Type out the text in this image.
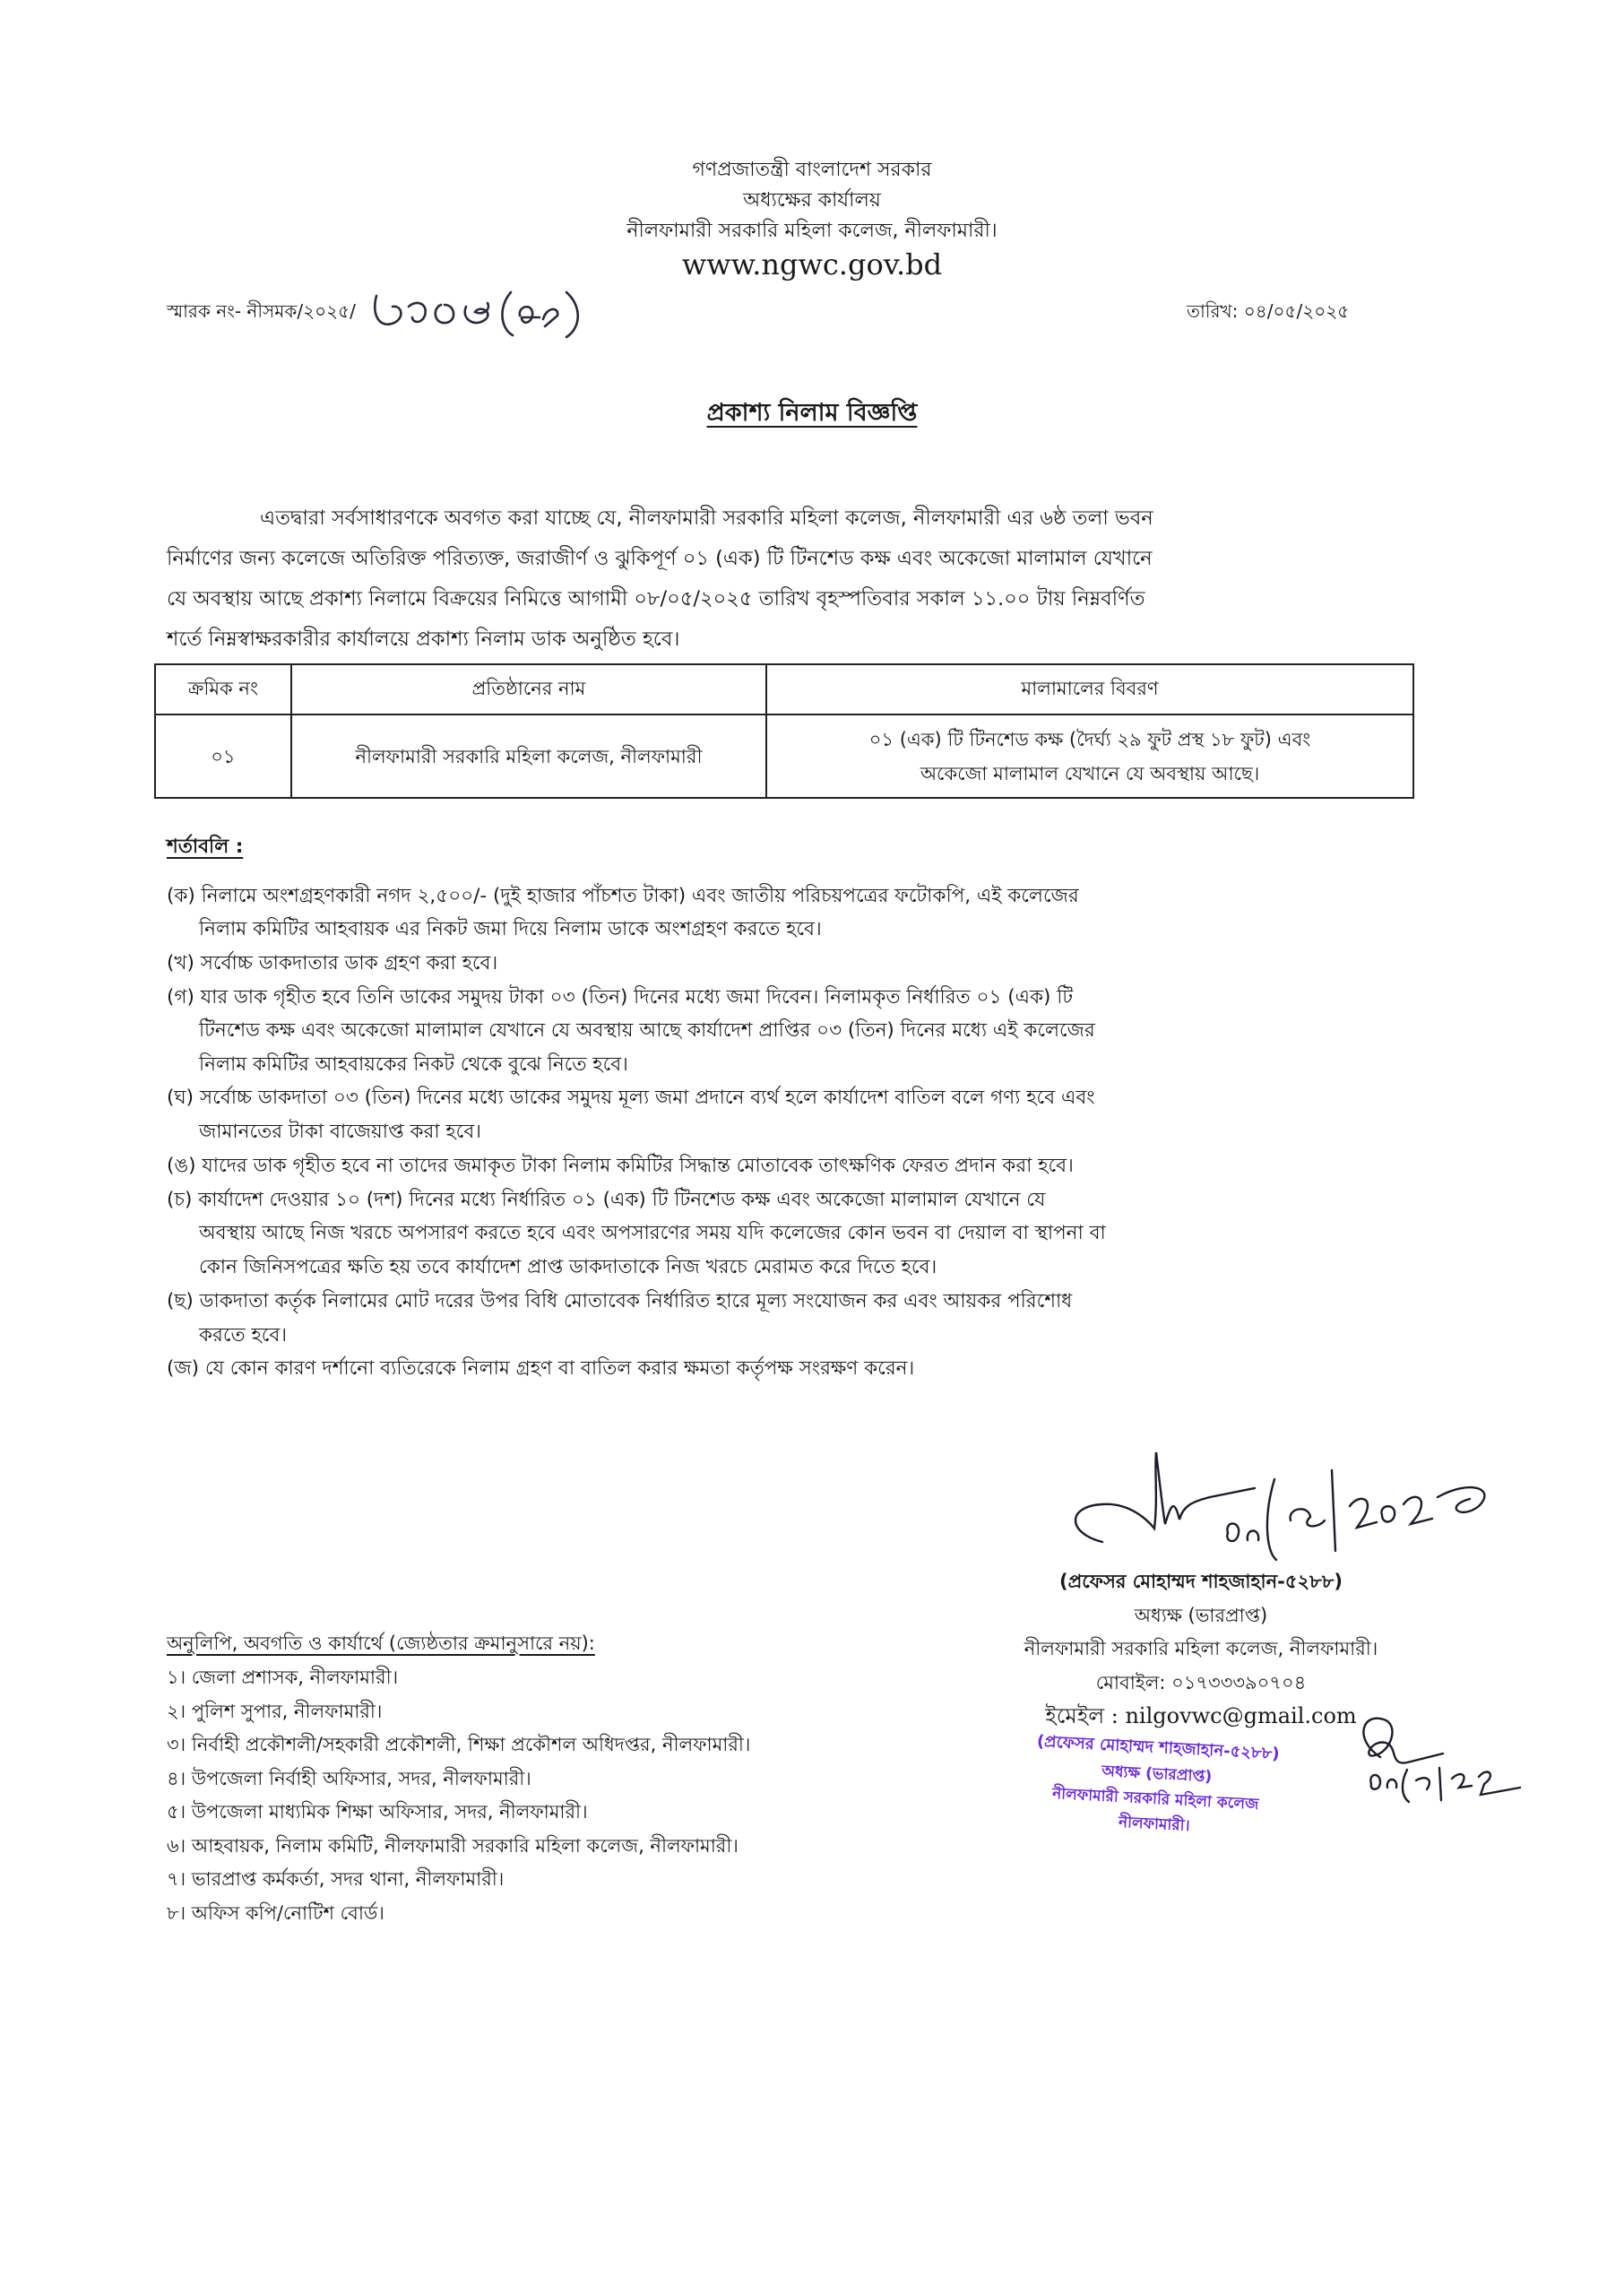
গণপ্রজাতন্ত্রী বাংলাদেশ সরকার
অধ্যক্ষের কার্যালয়
নীলফামারী সরকারি মহিলা কলেজ, নীলফামারী।
www.ngwc.gov.bd
স্মারক নং- নীসমক/২০২৫/	তারিখ: ০৪/০৫/২০২৫
প্রকাশ্য নিলাম বিজ্ঞপ্তি
এতদ্বারা সর্বসাধারণকে অবগত করা যাচ্ছে যে, নীলফামারী সরকারি মহিলা কলেজ, নীলফামারী এর ৬ষ্ঠ তলা ভবন
নির্মাণের জন্য কলেজে অতিরিক্ত পরিত্যক্ত, জরাজীর্ণ ও ঝুকিপূর্ণ ০১ (এক) টি টিনশেড কক্ষ এবং অকেজো মালামাল যেখানে
যে অবস্থায় আছে প্রকাশ্য নিলামে বিক্রয়ের নিমিত্তে আগামী ০৮/০৫/২০২৫ তারিখ বৃহস্পতিবার সকাল ১১.০০ টায় নিম্নবর্ণিত
শর্তে নিম্নস্বাক্ষরকারীর কার্যালয়ে প্রকাশ্য নিলাম ডাক অনুষ্ঠিত হবে।
ক্রমিক নং	প্রতিষ্ঠানের নাম	মালামালের বিবরণ
০১	নীলফামারী সরকারি মহিলা কলেজ, নীলফামারী	০১ (এক) টি টিনশেড কক্ষ (দৈর্ঘ্য ২৯ ফুট প্রস্থ ১৮ ফুট) এবং
অকেজো মালামাল যেখানে যে অবস্থায় আছে।
শর্তাবলি :
(ক) নিলামে অংশগ্রহণকারী নগদ ২,৫০০/- (দুই হাজার পাঁচশত টাকা) এবং জাতীয় পরিচয়পত্রের ফটোকপি, এই কলেজের
নিলাম কমিটির আহবায়ক এর নিকট জমা দিয়ে নিলাম ডাকে অংশগ্রহণ করতে হবে।
(খ) সর্বোচ্চ ডাকদাতার ডাক গ্রহণ করা হবে।
(গ) যার ডাক গৃহীত হবে তিনি ডাকের সমুদয় টাকা ০৩ (তিন) দিনের মধ্যে জমা দিবেন। নিলামকৃত নির্ধারিত ০১ (এক) টি
টিনশেড কক্ষ এবং অকেজো মালামাল যেখানে যে অবস্থায় আছে কার্যাদেশ প্রাপ্তির ০৩ (তিন) দিনের মধ্যে এই কলেজের
নিলাম কমিটির আহবায়কের নিকট থেকে বুঝে নিতে হবে।
(ঘ) সর্বোচ্চ ডাকদাতা ০৩ (তিন) দিনের মধ্যে ডাকের সমুদয় মূল্য জমা প্রদানে ব্যর্থ হলে কার্যাদেশ বাতিল বলে গণ্য হবে এবং
জামানতের টাকা বাজেয়াপ্ত করা হবে।
(ঙ) যাদের ডাক গৃহীত হবে না তাদের জমাকৃত টাকা নিলাম কমিটির সিদ্ধান্ত মোতাবেক তাৎক্ষণিক ফেরত প্রদান করা হবে।
(চ) কার্যাদেশ দেওয়ার ১০ (দশ) দিনের মধ্যে নির্ধারিত ০১ (এক) টি টিনশেড কক্ষ এবং অকেজো মালামাল যেখানে যে
অবস্থায় আছে নিজ খরচে অপসারণ করতে হবে এবং অপসারণের সময় যদি কলেজের কোন ভবন বা দেয়াল বা স্থাপনা বা
কোন জিনিসপত্রের ক্ষতি হয় তবে কার্যাদেশ প্রাপ্ত ডাকদাতাকে নিজ খরচে মেরামত করে দিতে হবে।
(ছ) ডাকদাতা কর্তৃক নিলামের মোট দরের উপর বিধি মোতাবেক নির্ধারিত হারে মূল্য সংযোজন কর এবং আয়কর পরিশোধ
করতে হবে।
(জ) যে কোন কারণ দর্শানো ব্যতিরেকে নিলাম গ্রহণ বা বাতিল করার ক্ষমতা কর্তৃপক্ষ সংরক্ষণ করেন।
(প্রফেসর মোহাম্মদ শাহজাহান-৫২৮৮)
অধ্যক্ষ (ভারপ্রাপ্ত)
নীলফামারী সরকারি মহিলা কলেজ, নীলফামারী।
মোবাইল: ০১৭৩৩৩৯০৭০৪
ইমেইল : nilgovwc@gmail.com
(প্রফেসর মোহাম্মদ শাহজাহান-৫২৮৮)
অধ্যক্ষ (ভারপ্রাপ্ত)
নীলফামারী সরকারি মহিলা কলেজ
নীলফামারী।
অনুলিপি, অবগতি ও কার্যার্থে (জ্যেষ্ঠতার ক্রমানুসারে নয়):
১। জেলা প্রশাসক, নীলফামারী।
২। পুলিশ সুপার, নীলফামারী।
৩। নির্বাহী প্রকৌশলী/সহকারী প্রকৌশলী, শিক্ষা প্রকৌশল অধিদপ্তর, নীলফামারী।
৪। উপজেলা নির্বাহী অফিসার, সদর, নীলফামারী।
৫। উপজেলা মাধ্যমিক শিক্ষা অফিসার, সদর, নীলফামারী।
৬। আহবায়ক, নিলাম কমিটি, নীলফামারী সরকারি মহিলা কলেজ, নীলফামারী।
৭। ভারপ্রাপ্ত কর্মকর্তা, সদর থানা, নীলফামারী।
৮। অফিস কপি/নোটিশ বোর্ড।
